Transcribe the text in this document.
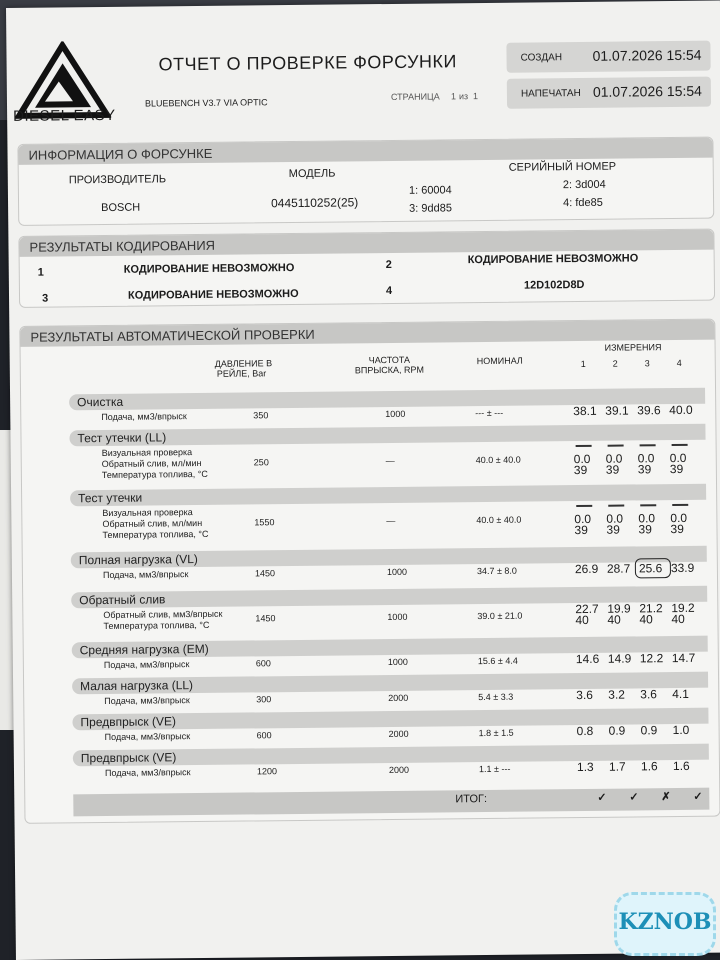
DIESEL EASY
ОТЧЕТ О ПРОВЕРКЕ ФОРСУНКИ
BLUEBENCH V3.7 VIA OPTIC
СТРАНИЦА 1 из 1
СОЗДАН 01.07.2026 15:54
НАПЕЧАТАН 01.07.2026 15:54
ИНФОРМАЦИЯ О ФОРСУНКЕ
ПРОИЗВОДИТЕЛЬ	МОДЕЛЬ
СЕРИЙНЫЙ НОМЕР
BOSCH	0445110252(25)
1: 60004	2: 3d004
3: 9dd85	4: fde85
РЕЗУЛЬТАТЫ КОДИРОВАНИЯ
1	КОДИРОВАНИЕ НЕВОЗМОЖНО	2	КОДИРОВАНИЕ НЕВОЗМОЖНО
3	КОДИРОВАНИЕ НЕВОЗМОЖНО	4	12D102D8D
РЕЗУЛЬТАТЫ АВТОМАТИЧЕСКОЙ ПРОВЕРКИ
ДАВЛЕНИЕ В
РЕЙЛЕ, Bar
ЧАСТОТА
ВПРЫСКА, RPM
НОМИНАЛ
ИЗМЕРЕНИЯ
1	2	3	4
Очистка
Подача, мм3/впрыск	350	1000	--- ± ---	38.1 39.1 39.6 40.0
Тест утечки (LL)
Визуальная проверка
Обратный слив, мл/мин
Температура топлива, °C
250	—	40.0 ± 40.0	0.0 0.0 0.0 0.0
39 39 39 39
Тест утечки
Визуальная проверка
Обратный слив, мл/мин
Температура топлива, °C
1550	—	40.0 ± 40.0	0.0 0.0 0.0 0.0
39 39 39 39
Полная нагрузка (VL)
Подача, мм3/впрыск	1450	1000	34.7 ± 8.0	26.9 28.7 25.6 33.9
Обратный слив
Обратный слив, мм3/впрыск
Температура топлива, °C
1450	1000	39.0 ± 21.0	22.7 19.9 21.2 19.2
40 40 40 40
Средняя нагрузка (EM)
Подача, мм3/впрыск	600	1000	15.6 ± 4.4	14.6 14.9 12.2 14.7
Малая нагрузка (LL)
Подача, мм3/впрыск	300	2000	5.4 ± 3.3	3.6 3.2 3.6 4.1
Предвпрыск (VE)
Подача, мм3/впрыск	600	2000	1.8 ± 1.5	0.8 0.9 0.9 1.0
Предвпрыск (VE)
Подача, мм3/впрыск	1200	2000	1.1 ± ---	1.3 1.7 1.6 1.6
ИТОГ:	✓ ✓ ✗ ✓
KZNOB
